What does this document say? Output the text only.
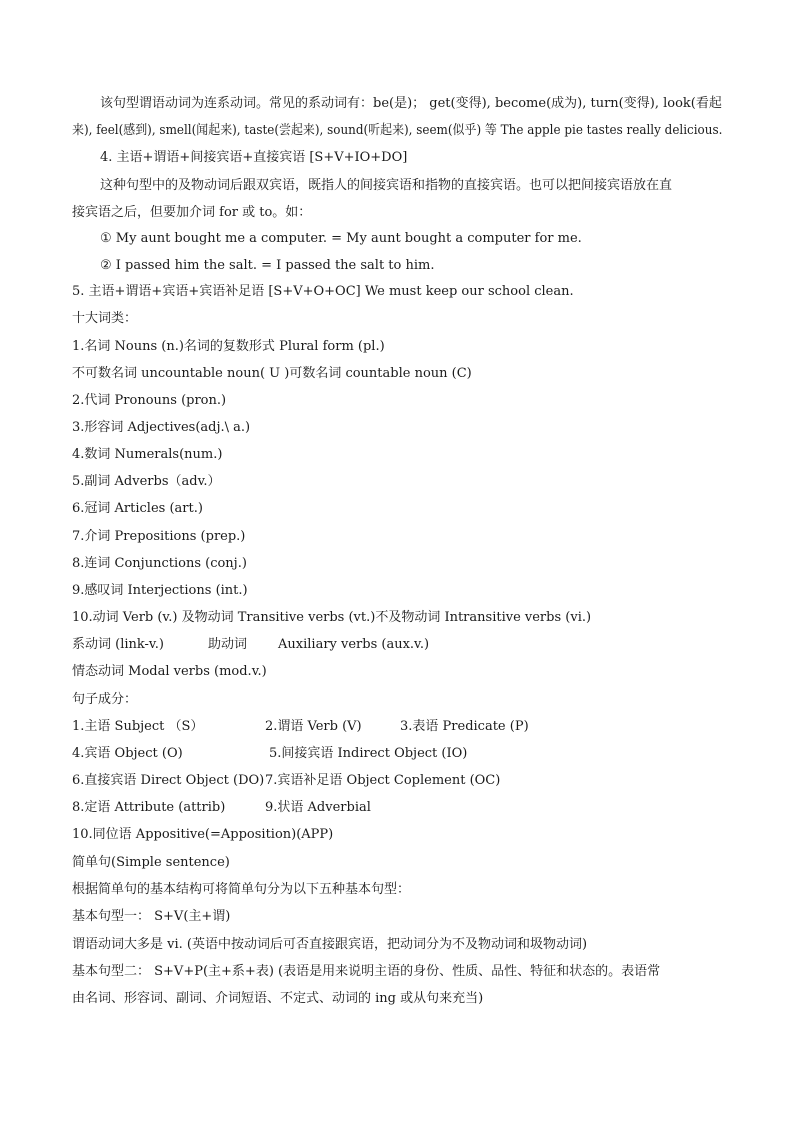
该句型谓语动词为连系动词。常见的系动词有：be(是)； get(变得), become(成为), turn(变得), look(看起
来), feel(感到), smell(闻起来), taste(尝起来), sound(听起来), seem(似乎) 等 The apple pie tastes really delicious.
4. 主语+谓语+间接宾语+直接宾语 [S+V+IO+DO]
这种句型中的及物动词后跟双宾语，既指人的间接宾语和指物的直接宾语。也可以把间接宾语放在直
接宾语之后，但要加介词 for 或 to。如：
① My aunt bought me a computer. = My aunt bought a computer for me.
② I passed him the salt. = I passed the salt to him.
5. 主语+谓语+宾语+宾语补足语 [S+V+O+OC] We must keep our school clean.
十大词类：
1.名词 Nouns (n.)名词的复数形式 Plural form (pl.)
不可数名词 uncountable noun( U )可数名词 countable noun (C)
2.代词 Pronouns (pron.)
3.形容词 Adjectives(adj.\ a.)
4.数词 Numerals(num.)
5.副词 Adverbs（adv.）
6.冠词 Articles (art.)
7.介词 Prepositions (prep.)
8.连词 Conjunctions (conj.)
9.感叹词 Interjections (int.)
10.动词 Verb (v.) 及物动词 Transitive verbs (vt.)不及物动词 Intransitive verbs (vi.)
系动词 (link-v.)	助动词 Auxiliary verbs (aux.v.)
情态动词 Modal verbs (mod.v.)
句子成分：
1.主语 Subject （S）	2.谓语 Verb (V)	3.表语 Predicate (P)
4.宾语 Object (O)	5.间接宾语 Indirect Object (IO)
6.直接宾语 Direct Object (DO) 7.宾语补足语 Object Coplement (OC)
8.定语 Attribute (attrib)	9.状语 Adverbial
10.同位语 Appositive(=Apposition)(APP)
简单句(Simple sentence)
根据简单句的基本结构可将简单句分为以下五种基本句型：
基本句型一： S+V(主+谓)
谓语动词大多是 vi. (英语中按动词后可否直接跟宾语，把动词分为不及物动词和圾物动词)
基本句型二： S+V+P(主+系+表) (表语是用来说明主语的身份、性质、品性、特征和状态的。表语常
由名词、形容词、副词、介词短语、不定式、动词的 ing 或从句来充当)
